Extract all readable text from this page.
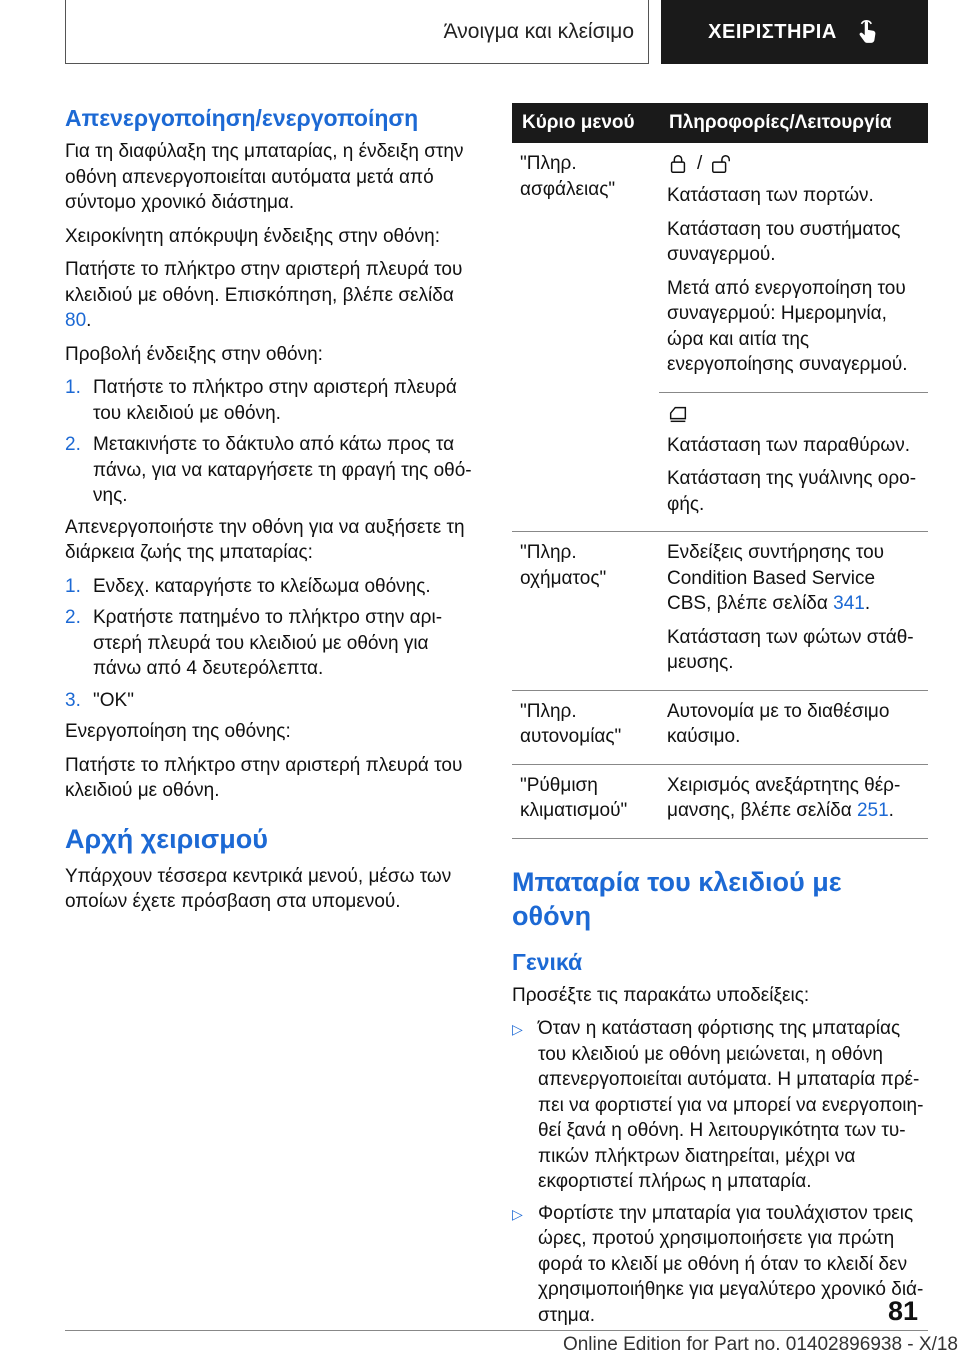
Άνοιγμα και κλείσιμο	ΧΕΙΡΙΣΤΗΡΙΑ
Απενεργοποίηση/ενεργοποίηση

Για τη διαφύλαξη της μπαταρίας, η ένδειξη στην οθόνη απενεργοποιείται αυτόματα μετά από σύντομο χρονικό διάστημα.

Χειροκίνητη απόκρυψη ένδειξης στην οθόνη:

Πατήστε το πλήκτρο στην αριστερή πλευρά του κλειδιού με οθόνη. Επισκόπηση, βλέπε σελίδα 80.

Προβολή ένδειξης στην οθόνη:

1. Πατήστε το πλήκτρο στην αριστερή πλευρά του κλειδιού με οθόνη.
2. Μετακινήστε το δάκτυλο από κάτω προς τα πάνω, για να καταργήσετε τη φραγή της οθόνης.

Απενεργοποιήστε την οθόνη για να αυξήσετε τη διάρκεια ζωής της μπαταρίας:

1. Ενδεχ. καταργήστε το κλείδωμα οθόνης.
2. Κρατήστε πατημένο το πλήκτρο στην αριστερή πλευρά του κλειδιού με οθόνη για πάνω από 4 δευτερόλεπτα.
3. "OK"

Ενεργοποίηση της οθόνης:

Πατήστε το πλήκτρο στην αριστερή πλευρά του κλειδιού με οθόνη.

Αρχή χειρισμού

Υπάρχουν τέσσερα κεντρικά μενού, μέσω των οποίων έχετε πρόσβαση στα υπομενού.

Κύριο μενού	Πληροφορίες/Λειτουργία
"Πληρ. ασφάλειας"	/

Κατάσταση των πορτών.

Κατάσταση του συστήματος συναγερμού.

Μετά από ενεργοποίηση του συναγερμού: Ημερομηνία, ώρα και αιτία της ενεργοποίησης συναγερμού.

	Κατάσταση των παραθύρων.

Κατάσταση της γυάλινης οροφής.

"Πληρ. οχήματος"	Ενδείξεις συντήρησης του Condition Based Service CBS, βλέπε σελίδα 341.

Κατάσταση των φώτων στάθμευσης.

"Πληρ. αυτονομίας"	Αυτονομία με το διαθέσιμο καύσιμο.

"Ρύθμιση κλιματισμού"	Χειρισμός ανεξάρτητης θέρμανσης, βλέπε σελίδα 251.

Μπαταρία του κλειδιού με οθόνη
Γενικά

Προσέξτε τις παρακάτω υποδείξεις:

▷ Όταν η κατάσταση φόρτισης της μπαταρίας του κλειδιού με οθόνη μειώνεται, η οθόνη απενεργοποιείται αυτόματα. Η μπαταρία πρέπει να φορτιστεί για να μπορεί να ενεργοποιηθεί ξανά η οθόνη. Η λειτουργικότητα των τυπικών πλήκτρων διατηρείται, μέχρι να εκφορτιστεί πλήρως η μπαταρία.
▷ Φορτίστε την μπαταρία για τουλάχιστον τρεις ώρες, προτού χρησιμοποιήσετε για πρώτη φορά το κλειδί με οθόνη ή όταν το κλειδί δεν χρησιμοποιήθηκε για μεγαλύτερο χρονικό διάστημα.	81
Online Edition for Part no. 01402896938 - X/18
